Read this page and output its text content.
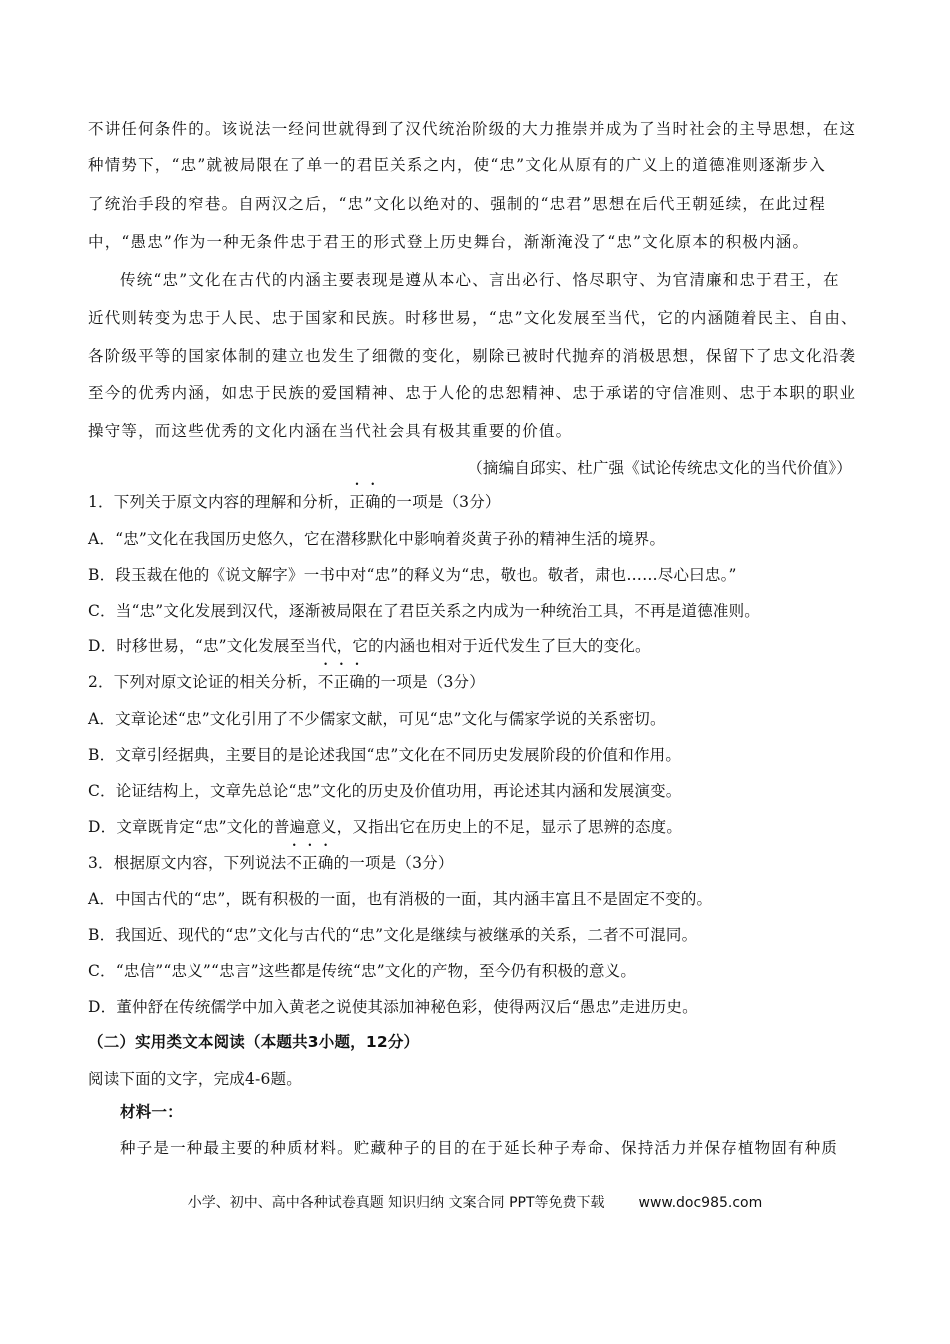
不讲任何条件的。该说法一经问世就得到了汉代统治阶级的大力推崇并成为了当时社会的主导思想，在这
种情势下，“忠”就被局限在了单一的君臣关系之内，使“忠”文化从原有的广义上的道德准则逐渐步入
了统治手段的窄巷。自两汉之后，“忠”文化以绝对的、强制的“忠君”思想在后代王朝延续，在此过程
中，“愚忠”作为一种无条件忠于君王的形式登上历史舞台，渐渐淹没了“忠”文化原本的积极内涵。
传统“忠”文化在古代的内涵主要表现是遵从本心、言出必行、恪尽职守、为官清廉和忠于君王，在
近代则转变为忠于人民、忠于国家和民族。时移世易，“忠”文化发展至当代，它的内涵随着民主、自由、
各阶级平等的国家体制的建立也发生了细微的变化，剔除已被时代抛弃的消极思想，保留下了忠文化沿袭
至今的优秀内涵，如忠于民族的爱国精神、忠于人伦的忠恕精神、忠于承诺的守信准则、忠于本职的职业
操守等，而这些优秀的文化内涵在当代社会具有极其重要的价值。
（摘编自邱实、杜广强《试论传统忠文化的当代价值》）
1．下列关于原文内容的理解和分析，正确的一项是（3分）
A．“忠”文化在我国历史悠久，它在潜移默化中影响着炎黄子孙的精神生活的境界。
B．段玉裁在他的《说文解字》一书中对“忠”的释义为“忠，敬也。敬者，肃也……尽心曰忠。”
C．当“忠”文化发展到汉代，逐渐被局限在了君臣关系之内成为一种统治工具，不再是道德准则。
D．时移世易，“忠”文化发展至当代，它的内涵也相对于近代发生了巨大的变化。
2．下列对原文论证的相关分析，不正确的一项是（3分）
A．文章论述“忠”文化引用了不少儒家文献，可见“忠”文化与儒家学说的关系密切。
B．文章引经据典，主要目的是论述我国“忠”文化在不同历史发展阶段的价值和作用。
C．论证结构上，文章先总论“忠”文化的历史及价值功用，再论述其内涵和发展演变。
D．文章既肯定“忠”文化的普遍意义，又指出它在历史上的不足，显示了思辨的态度。
3．根据原文内容，下列说法不正确的一项是（3分）
A．中国古代的“忠”，既有积极的一面，也有消极的一面，其内涵丰富且不是固定不变的。
B．我国近、现代的“忠”文化与古代的“忠”文化是继续与被继承的关系，二者不可混同。
C．“忠信”“忠义”“忠言”这些都是传统“忠”文化的产物，至今仍有积极的意义。
D．董仲舒在传统儒学中加入黄老之说使其添加神秘色彩，使得两汉后“愚忠”走进历史。
（二）实用类文本阅读（本题共3小题，12分）
阅读下面的文字，完成4-6题。
材料一：
种子是一种最主要的种质材料。贮藏种子的目的在于延长种子寿命、保持活力并保存植物固有种质
小学、初中、高中各种试卷真题 知识归纳 文案合同 PPT等免费下载 www.doc985.com
